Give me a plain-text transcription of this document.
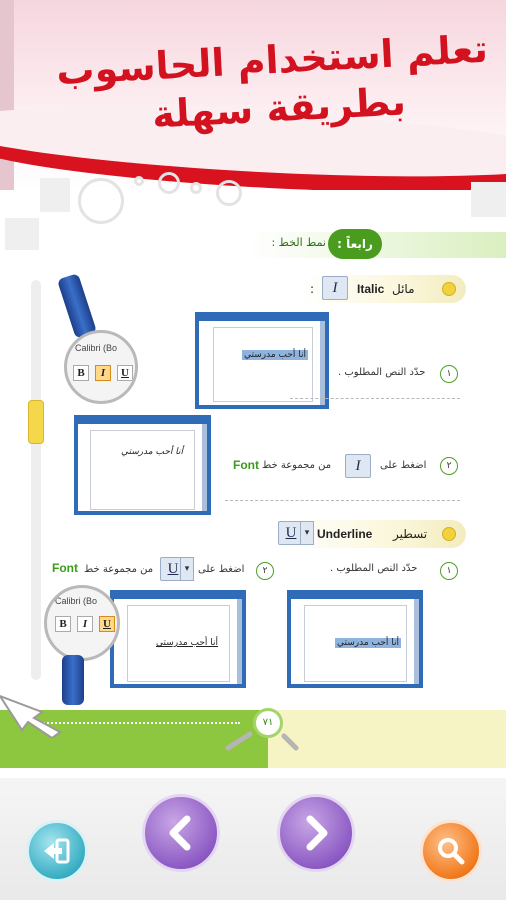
تعلم استخدام الحاسوب
بطريقة سهلة
رابعاً :
نمط الخط :
مائل
Italic
I
:
أنا أحب مدرستي
١
حدّد النص المطلوب .
Calibri (Bo
B	I	U
أنا أحب مدرستي
٢
اضغط على
I
من مجموعة خط
Font
تسطير
Underline
U ▾
١
حدّد النص المطلوب .
٢
اضغط على
U ▾
من مجموعة خط
Font
أنا أحب مدرستي
أنا أحب مدرستي
Calibri (Bo
B	I	U
٧١
